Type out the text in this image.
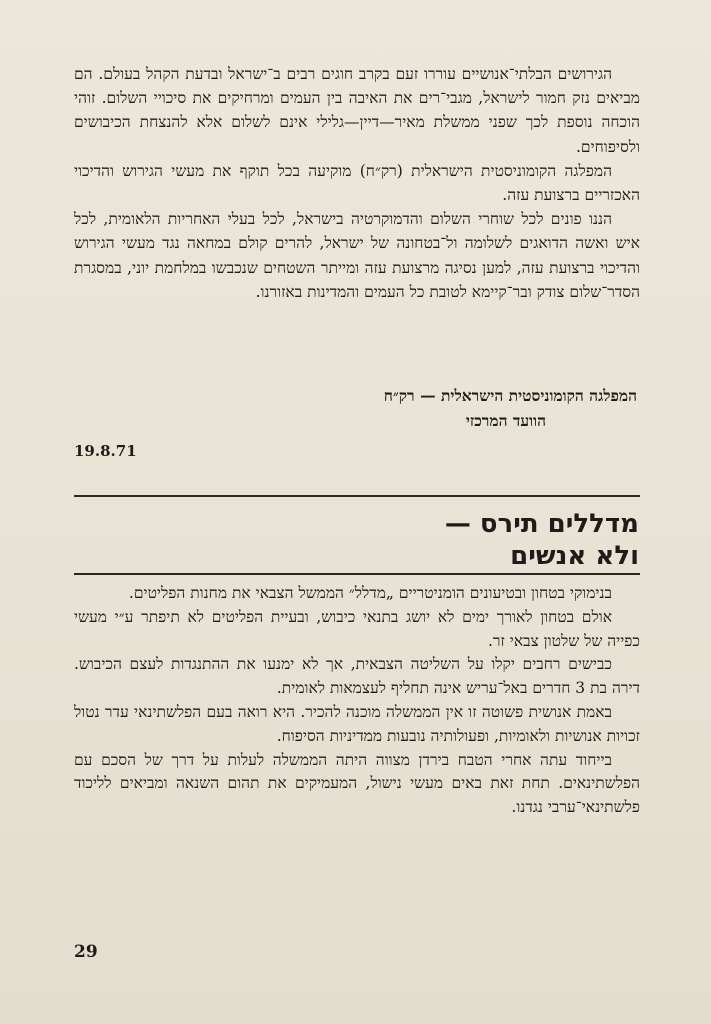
הגירושים הבלתי־אנושיים עוררו זעם בקרב חוגים רבים ב־ישראל ובדעת הקהל בעולם. הם מביאים נזק חמור לישראל, מגבי־רים את האיבה בין העמים ומרחיקים את סיכויי השלום. זוהי הוכחה נוספת לכך שפני ממשלת מאיר—דיין—גלילי אינם לשלום אלא להנצחת הכיבושים ולסיפוחים.

המפלגה הקומוניסטית הישראלית (רק״ח) מוקיעה בכל תוקף את מעשי הגירוש והדיכוי האכזריים ברצועת עזה.

הננו פונים לכל שוחרי השלום והדמוקרטיה בישראל, לכל בעלי האחריות הלאומית, לכל איש ואשה הדואגים לשלומה ול־בטחונה של ישראל, להרים קולם במחאה נגד מעשי הגירוש והדיכוי ברצועת עזה, למען נסיגה מרצועת עזה ומייתר השטחים שנכבשו במלחמת יוני, במסגרת הסדר־שלום צודק ובר־קיימא לטובת כל העמים והמדינות באזורנו.

המפלגה הקומוניסטית הישראלית — רק״ח
הוועד המרכזי
19.8.71
מדללים תירס —
ולא אנשים

בנימוקי בטחון ובטיעונים הומניטריים „מדלל״ הממשל הצבאי את מחנות הפליטים.

אולם בטחון לאורך ימים לא יושג בתנאי כיבוש, ובעיית הפליטים לא תיפתר ע״י מעשי כפייה של שלטון צבאי זר.

כבישים רחבים יקלו על השליטה הצבאית, אך לא ימנעו את ההתנגדות לעצם הכיבוש. דירה בת 3 חדרים באל־עריש אינה תחליף לעצמאות לאומית.

באמת אנושית פשוטה זו אין הממשלה מוכנה להכיר. היא רואה בעם הפלשתינאי עדר נטול זכויות אנושיות ולאומיות, ופעולותיה נובעות ממדיניות הסיפוח.

בייחוד עתה אחרי הטבח בירדן מצווה היתה הממשלה לעלות על דרך של הסכם עם הפלשתינאים. תחת זאת באים מעשי נישול, המעמיקים את תהום השנאה ומביאים לליכוד פלשתינאי־ערבי נגדנו.

29
